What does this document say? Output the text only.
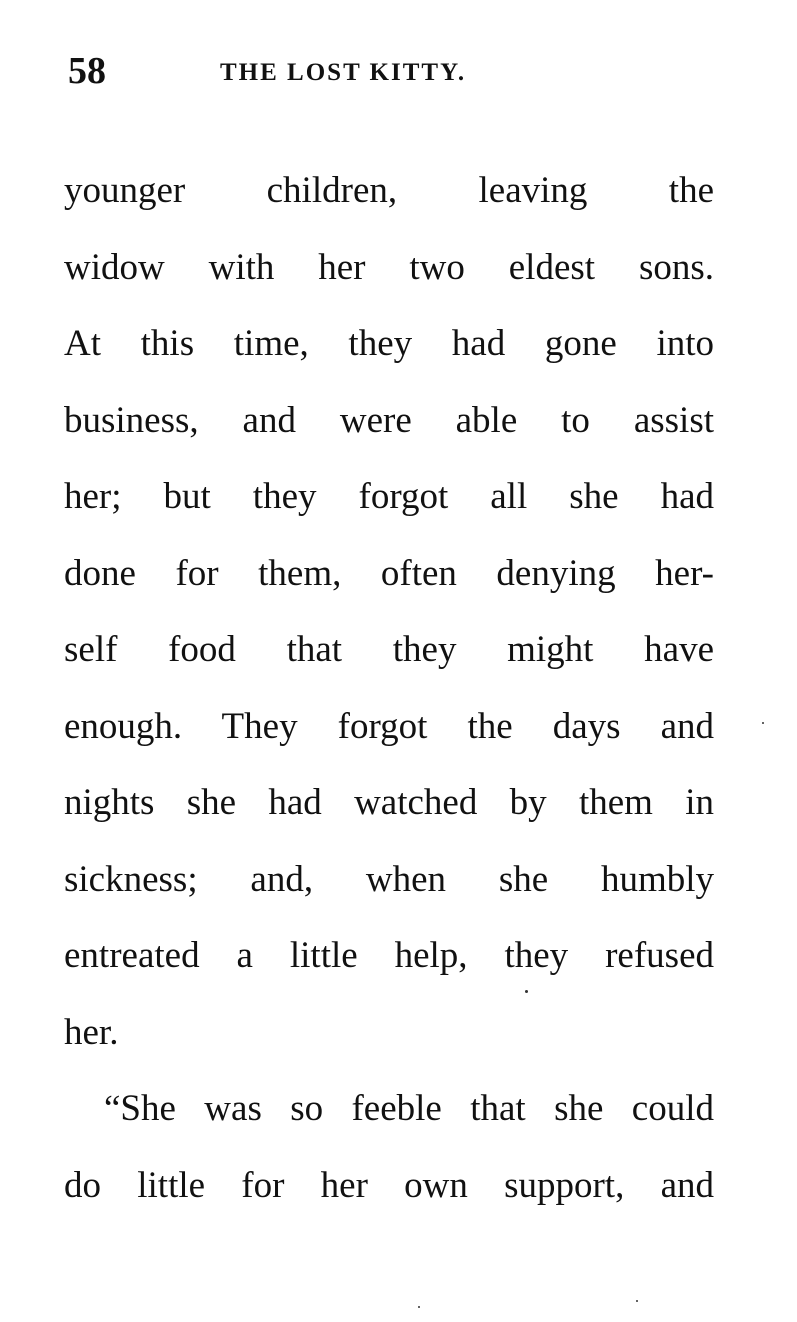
58	THE LOST KITTY.
younger children, leaving the
widow with her two eldest sons.
At this time, they had gone into
business, and were able to assist
her; but they forgot all she had
done for them, often denying her-
self food that they might have
enough. They forgot the days and
nights she had watched by them in
sickness; and, when she humbly
entreated a little help, they refused
her.
“She was so feeble that she could
do little for her own support, and
